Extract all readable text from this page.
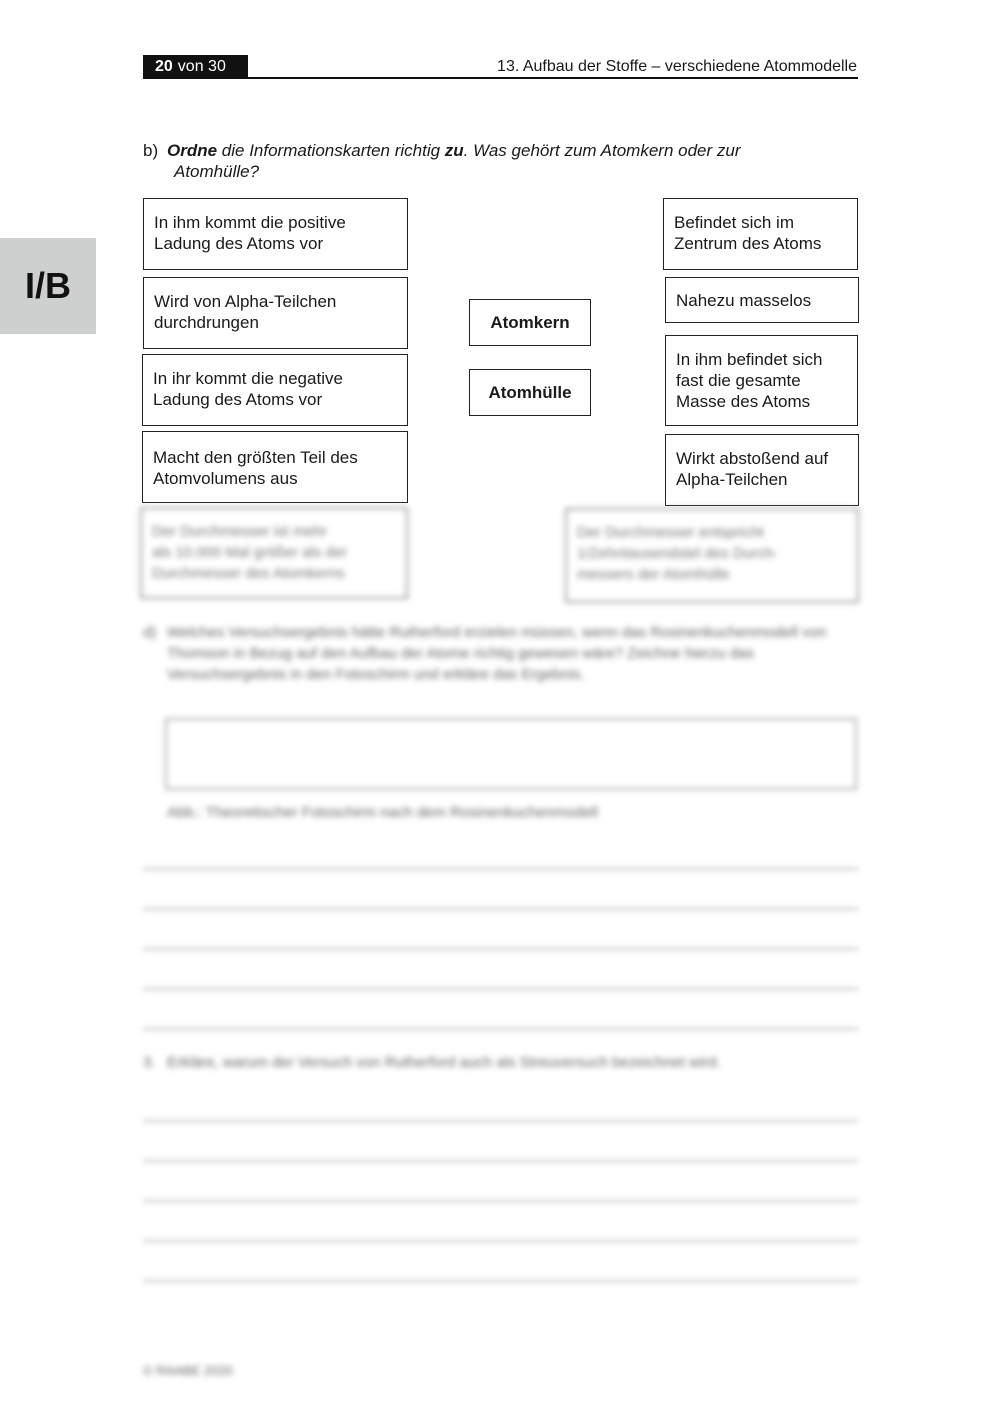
20 von 30	13. Aufbau der Stoffe – verschiedene Atommodelle
I/B
b) Ordne die Informationskarten richtig zu. Was gehört zum Atomkern oder zur
Atomhülle?
In ihm kommt die positive
Ladung des Atoms vor
Wird von Alpha-Teilchen
durchdrungen
In ihr kommt die negative
Ladung des Atoms vor
Macht den größten Teil des
Atomvolumens aus
Atomkern
Atomhülle
Befindet sich im
Zentrum des Atoms
Nahezu masselos
In ihm befindet sich
fast die gesamte
Masse des Atoms
Wirkt abstoßend auf
Alpha-Teilchen
Der Durchmesser ist mehr
als 10.000 Mal größer als der
Durchmesser des Atomkerns
Der Durchmesser entspricht
1/Zehntausendstel des Durch-
messers der Atomhülle
d) Welches Versuchsergebnis hätte Rutherford erzielen müssen, wenn das Rosinenkuchenmodell von Thomson in Bezug auf den Aufbau der Atome richtig gewesen wäre? Zeichne hierzu das Versuchsergebnis in den Fotoschirm und erkläre das Ergebnis.
Abb.: Theoretischer Fotoschirm nach dem Rosinenkuchenmodell
3. Erkläre, warum der Versuch von Rutherford auch als Streuversuch bezeichnet wird.
© RAABE 2020
